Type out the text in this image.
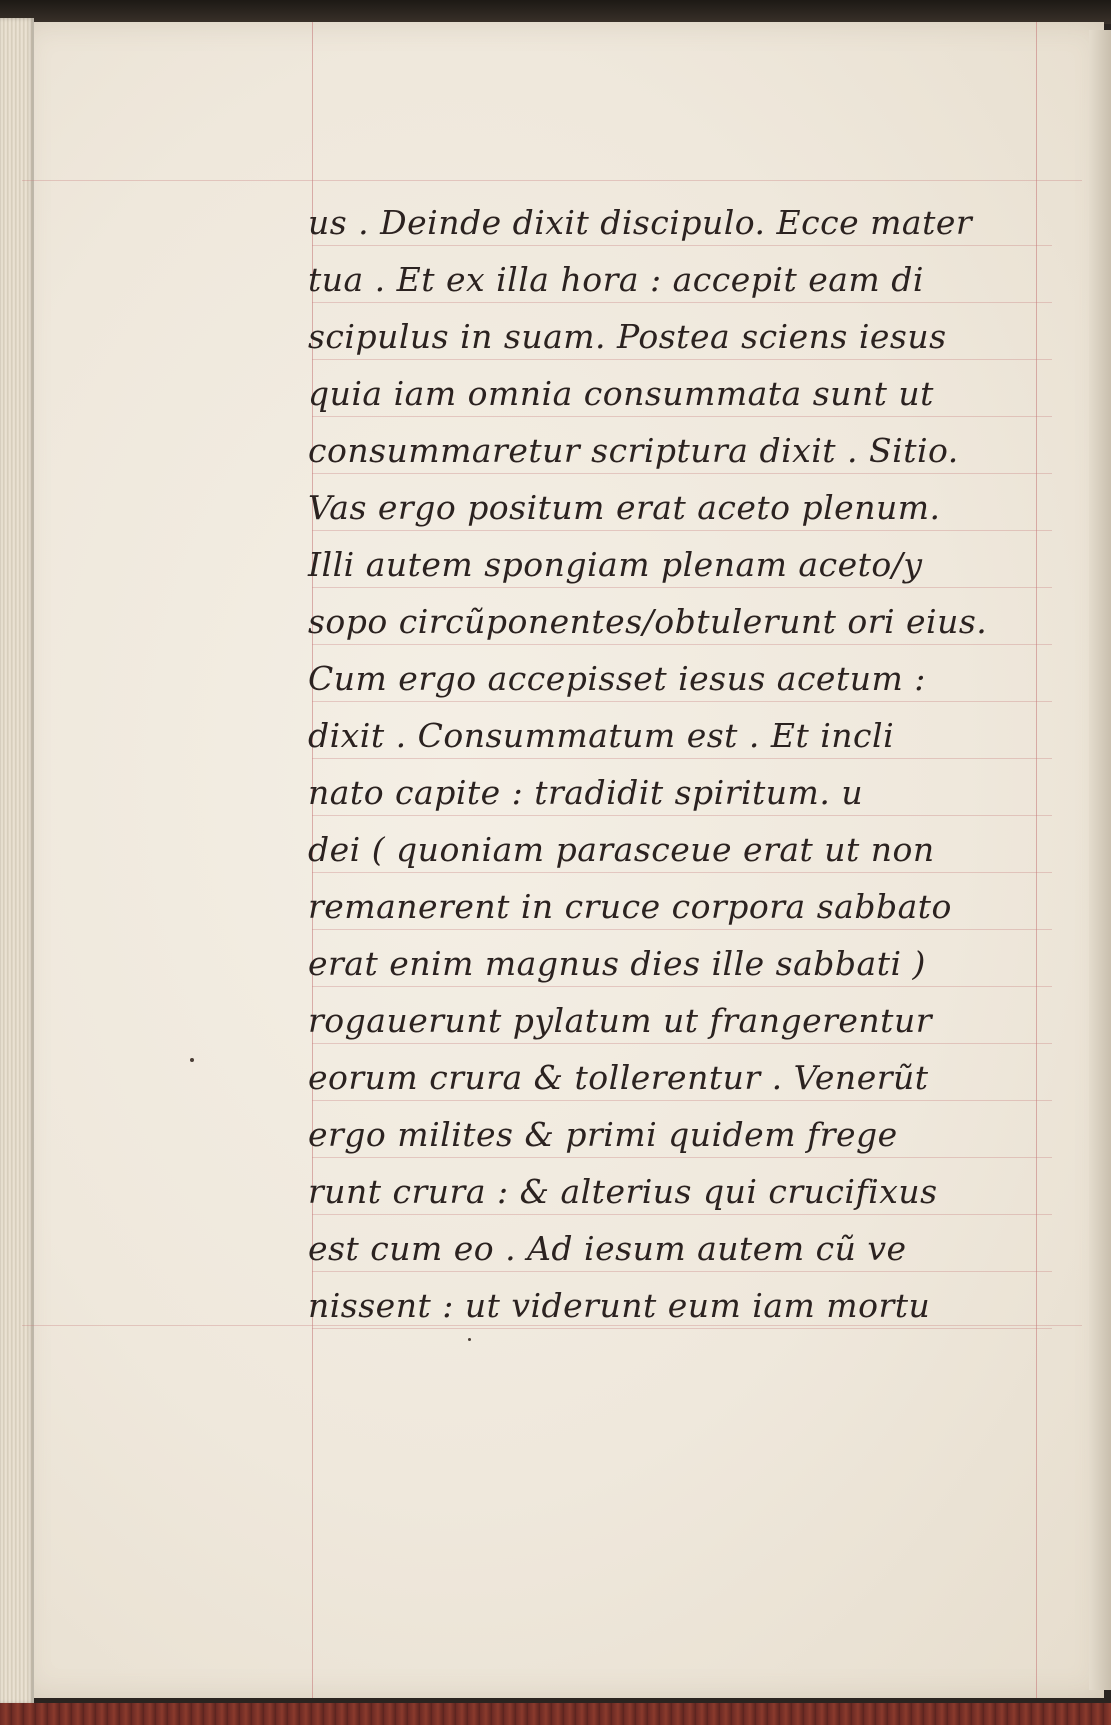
us . Deinde dixit discipulo. Ecce mater
tua . Et ex illa hora : accepit eam di
scipulus in suam. Postea sciens iesus
quia iam omnia consummata sunt ut
consummaretur scriptura dixit . Sitio.
Vas ergo positum erat aceto plenum.
Illi autem spongiam plenam aceto/y
sopo circũponentes/obtulerunt ori eius.
Cum ergo accepisset iesus acetum :
dixit . Consummatum est . Et incli
nato capite : tradidit spiritum. u
dei ( quoniam parasceue erat ut non
remanerent in cruce corpora sabbato
erat enim magnus dies ille sabbati )
rogauerunt pylatum ut frangerentur
eorum crura & tollerentur . Venerũt
ergo milites & primi quidem frege
runt crura : & alterius qui crucifixus
est cum eo . Ad iesum autem cũ ve
nissent : ut viderunt eum iam mortu
